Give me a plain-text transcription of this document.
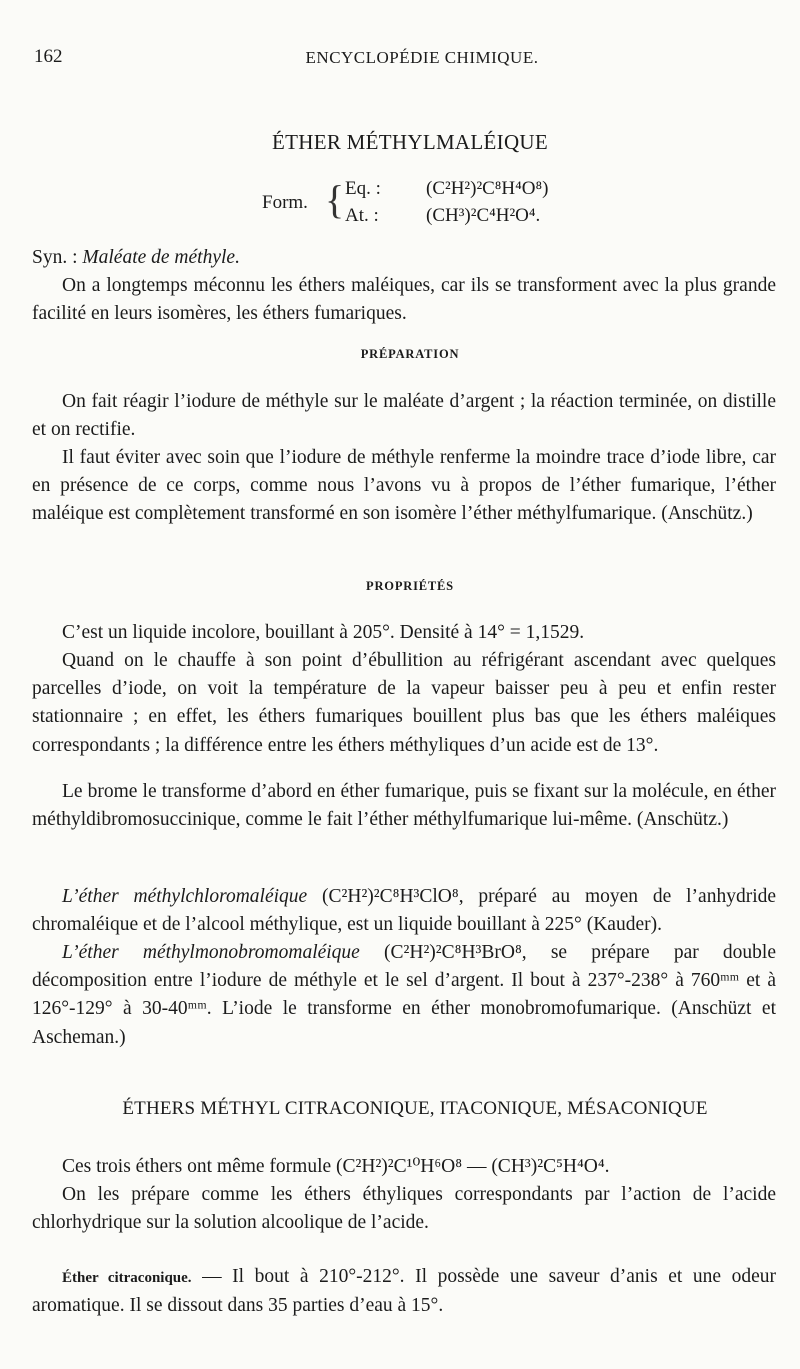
162	ENCYCLOPÉDIE CHIMIQUE.
ÉTHER MÉTHYLMALÉIQUE
Form. { Eq. : (C²H²)²C⁸H⁴O⁸)
At. : (CH³)²C⁴H²O⁴.

Syn. : Maléate de méthyle.

On a longtemps méconnu les éthers maléiques, car ils se transforment avec la plus grande facilité en leurs isomères, les éthers fumariques.

PRÉPARATION

On fait réagir l’iodure de méthyle sur le maléate d’argent ; la réaction terminée, on distille et on rectifie.

Il faut éviter avec soin que l’iodure de méthyle renferme la moindre trace d’iode libre, car en présence de ce corps, comme nous l’avons vu à propos de l’éther fumarique, l’éther maléique est complètement transformé en son isomère l’éther méthylfumarique. (Anschütz.)

PROPRIÉTÉS

C’est un liquide incolore, bouillant à 205°. Densité à 14° = 1,1529.

Quand on le chauffe à son point d’ébullition au réfrigérant ascendant avec quelques parcelles d’iode, on voit la température de la vapeur baisser peu à peu et enfin rester stationnaire ; en effet, les éthers fumariques bouillent plus bas que les éthers maléiques correspondants ; la différence entre les éthers méthyliques d’un acide est de 13°.

Le brome le transforme d’abord en éther fumarique, puis se fixant sur la molécule, en éther méthyldibromosuccinique, comme le fait l’éther méthylfumarique lui-même. (Anschütz.)

L’éther méthylchloromaléique (C²H²)²C⁸H³ClO⁸, préparé au moyen de l’anhydride chromaléique et de l’alcool méthylique, est un liquide bouillant à 225° (Kauder).

L’éther méthylmonobromomaléique (C²H²)²C⁸H³BrO⁸, se prépare par double décomposition entre l’iodure de méthyle et le sel d’argent. Il bout à 237°-238° à 760ᵐᵐ et à 126°-129° à 30-40ᵐᵐ. L’iode le transforme en éther monobromofumarique. (Anschüzt et Ascheman.)

ÉTHERS MÉTHYL CITRACONIQUE, ITACONIQUE, MÉSACONIQUE

Ces trois éthers ont même formule (C²H²)²C¹⁰H⁶O⁸ — (CH³)²C⁵H⁴O⁴.

On les prépare comme les éthers éthyliques correspondants par l’action de l’acide chlorhydrique sur la solution alcoolique de l’acide.

Éther citraconique. — Il bout à 210°-212°. Il possède une saveur d’anis et une odeur aromatique. Il se dissout dans 35 parties d’eau à 15°.
